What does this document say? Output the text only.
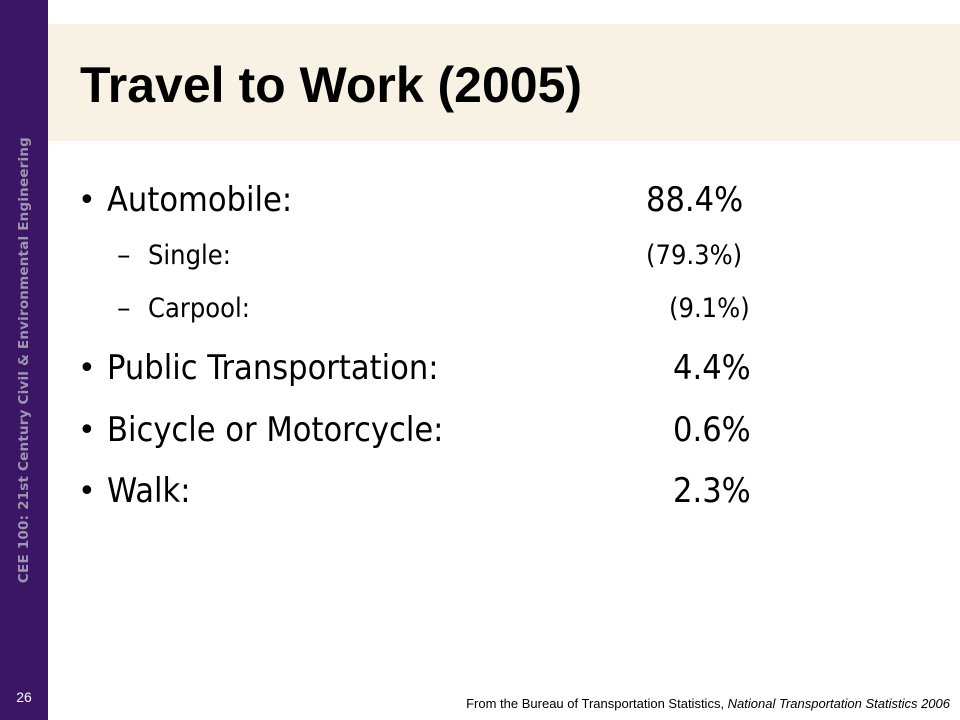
CEE 100: 21st Century Civil & Environmental Engineering
26
Travel to Work (2005)
• Automobile:	88.4%
– Single:	(79.3%)
– Carpool:	(9.1%)
• Public Transportation:	4.4%
• Bicycle or Motorcycle:	0.6%
• Walk:	2.3%
From the Bureau of Transportation Statistics, National Transportation Statistics 2006
